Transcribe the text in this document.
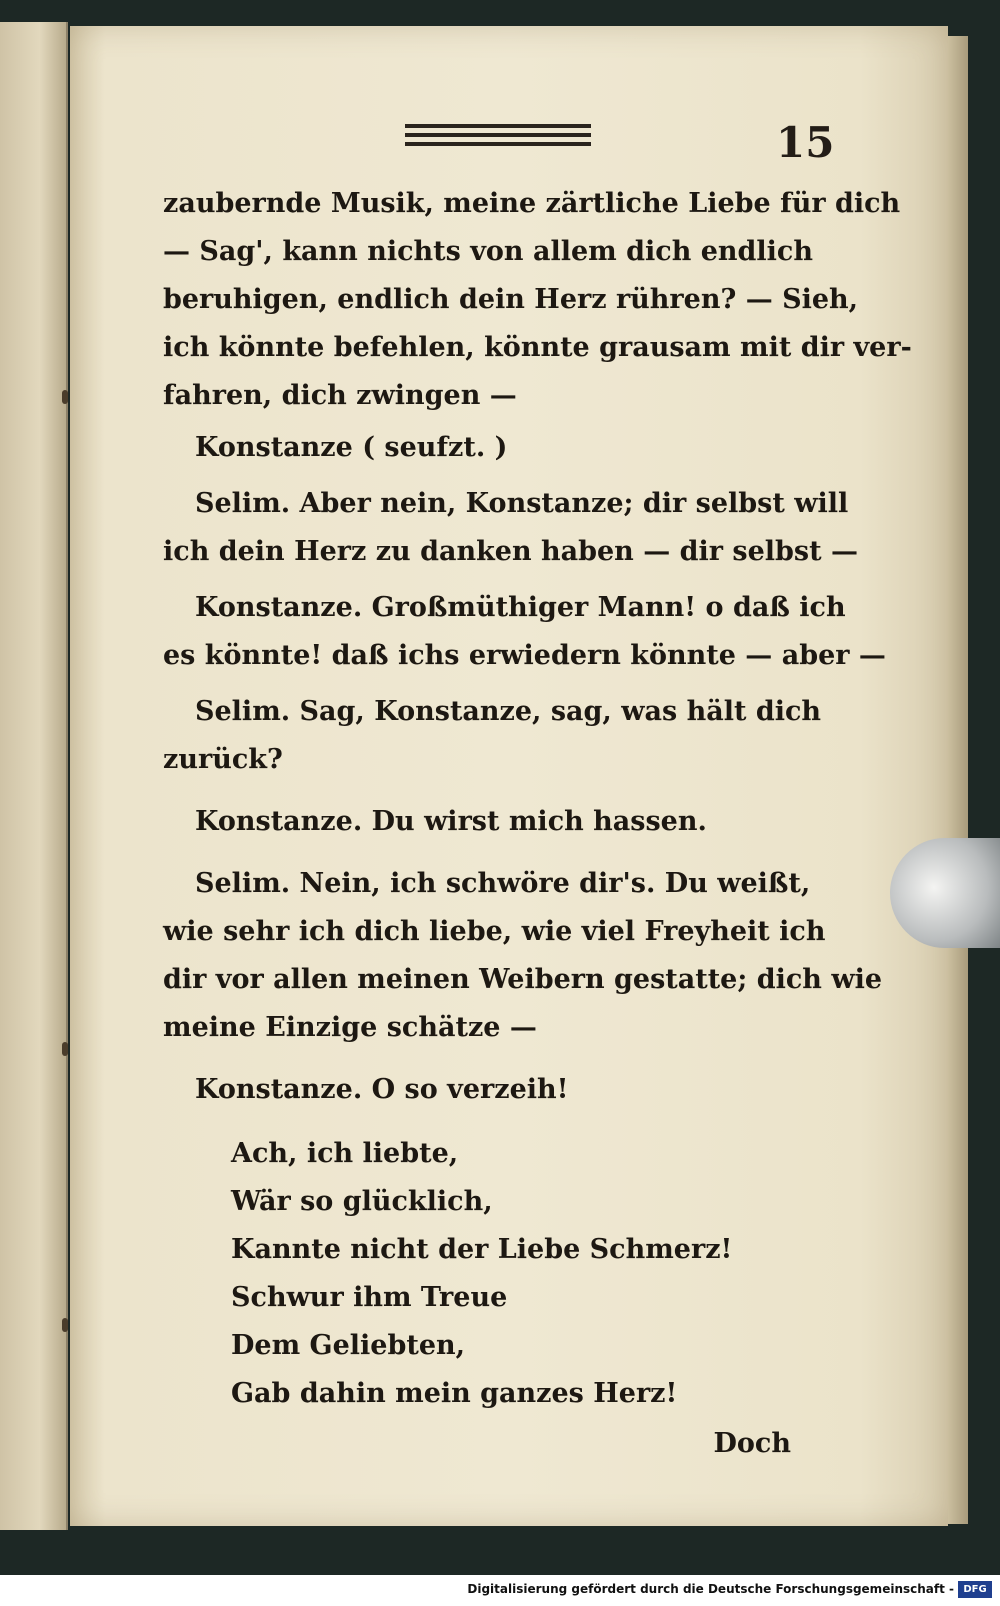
15
zaubernde Musik, meine zärtliche Liebe für dich
— Sag', kann nichts von allem dich endlich
beruhigen, endlich dein Herz rühren? — Sieh,
ich könnte befehlen, könnte grausam mit dir ver-
fahren, dich zwingen —
Konstanze ( seufzt. )
Selim. Aber nein, Konstanze; dir selbst will
ich dein Herz zu danken haben — dir selbst —
Konstanze. Großmüthiger Mann! o daß ich
es könnte! daß ichs erwiedern könnte — aber —
Selim. Sag, Konstanze, sag, was hält dich
zurück?
Konstanze. Du wirst mich hassen.
Selim. Nein, ich schwöre dir's. Du weißt,
wie sehr ich dich liebe, wie viel Freyheit ich
dir vor allen meinen Weibern gestatte; dich wie
meine Einzige schätze —
Konstanze. O so verzeih!
Ach, ich liebte,
Wär so glücklich,
Kannte nicht der Liebe Schmerz!
Schwur ihm Treue
Dem Geliebten,
Gab dahin mein ganzes Herz!
Doch
Digitalisierung gefördert durch die Deutsche Forschungsgemeinschaft - DFG
